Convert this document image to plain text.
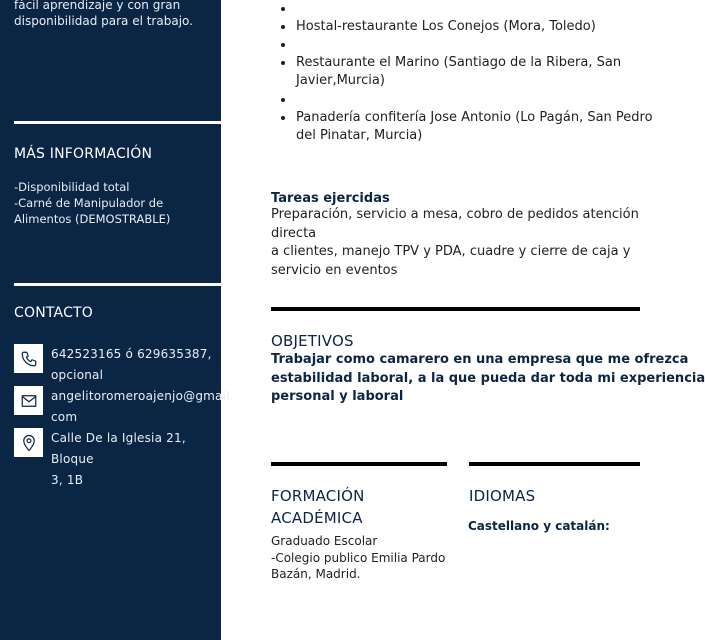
fácil aprendizaje y con gran
disponibilidad para el trabajo.
MÁS INFORMACIÓN
-Disponibilidad total
-Carné de Manipulador de
Alimentos (DEMOSTRABLE)
CONTACTO
642523165 ó 629635387,
opcional
angelitoromeroajenjo@gmail.
com
Calle De la Iglesia 21, Bloque
3, 1B
Hostal-restaurante Los Conejos (Mora, Toledo)
Restaurante el Marino (Santiago de la Ribera, San
Javier,Murcia)
Panadería confitería Jose Antonio (Lo Pagán, San Pedro
del Pinatar, Murcia)
Tareas ejercidas
Preparación, servicio a mesa, cobro de pedidos atención
directa
a clientes, manejo TPV y PDA, cuadre y cierre de caja y
servicio en eventos
OBJETIVOS
Trabajar como camarero en una empresa que me ofrezca
estabilidad laboral, a la que pueda dar toda mi experiencia
personal y laboral
FORMACIÓN
ACADÉMICA
Graduado Escolar
-Colegio publico Emilia Pardo
Bazán, Madrid.
IDIOMAS
Castellano y catalán:
